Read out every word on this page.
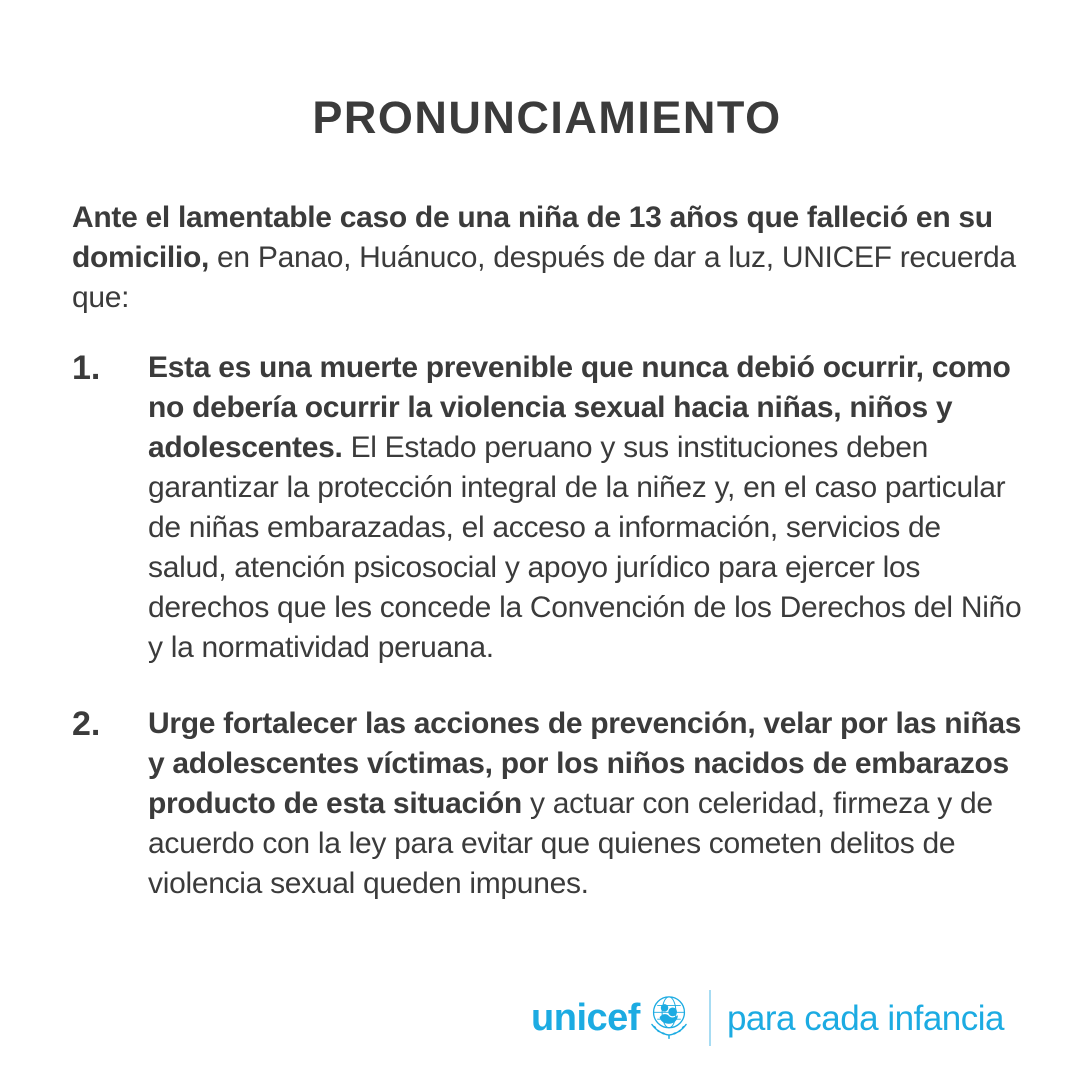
PRONUNCIAMIENTO

Ante el lamentable caso de una niña de 13 años que falleció en su domicilio, en Panao, Huánuco, después de dar a luz, UNICEF recuerda que:

1.	Esta es una muerte prevenible que nunca debió ocurrir, como no debería ocurrir la violencia sexual hacia niñas, niños y adolescentes. El Estado peruano y sus instituciones deben garantizar la protección integral de la niñez y, en el caso particular de niñas embarazadas, el acceso a información, servicios de salud, atención psicosocial y apoyo jurídico para ejercer los derechos que les concede la Convención de los Derechos del Niño y la normatividad peruana.

2.	Urge fortalecer las acciones de prevención, velar por las niñas y adolescentes víctimas, por los niños nacidos de embarazos producto de esta situación y actuar con celeridad, firmeza y de acuerdo con la ley para evitar que quienes cometen delitos de violencia sexual queden impunes.

unicef para cada infancia
